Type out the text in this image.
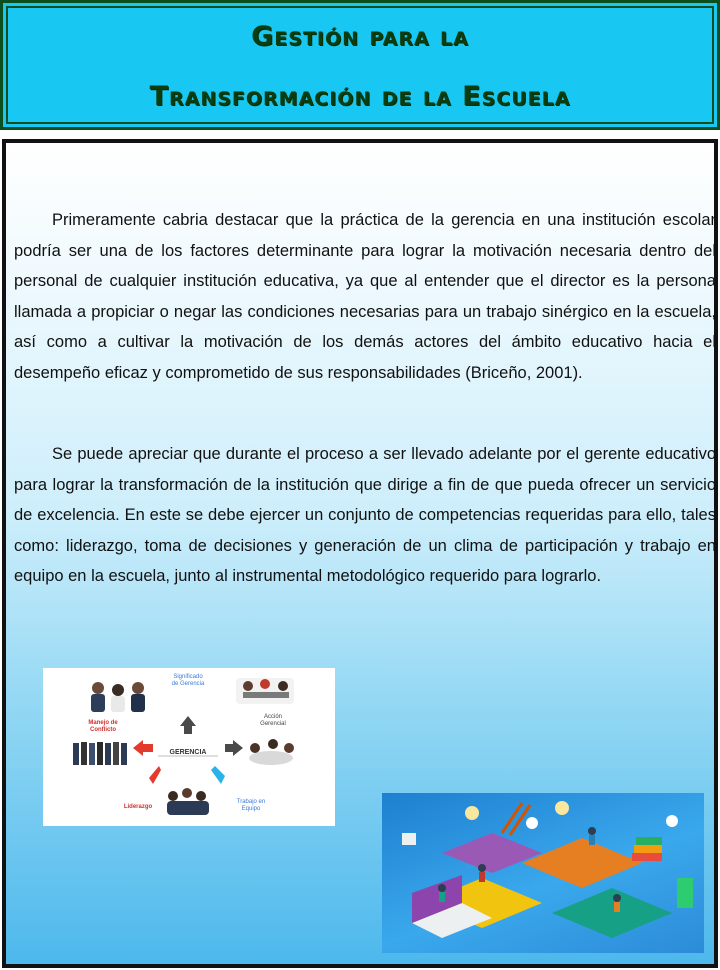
Gestión para la
Transformación de la Escuela

Primeramente cabria destacar que la práctica de la gerencia en una institución escolar podría ser una de los factores determinante para lograr la motivación necesaria dentro del personal de cualquier institución educativa, ya que al entender que el director es la persona llamada a propiciar o negar las condiciones necesarias para un trabajo sinérgico en la escuela, así como a cultivar la motivación de los demás actores del ámbito educativo hacia el desempeño eficaz y comprometido de sus responsabilidades (Briceño, 2001).

Se puede apreciar que durante el proceso a ser llevado adelante por el gerente educativo para lograr la transformación de la institución que dirige a fin de que pueda ofrecer un servicio de excelencia. En este se debe ejercer un conjunto de competencias requeridas para ello, tales como: liderazgo, toma de decisiones y generación de un clima de participación y trabajo en equipo en la escuela, junto al instrumental metodológico requerido para lograrlo.

GERENCIA
Significado de Gerencia
Acción Gerencial
Manejo de Conflicto
Liderazgo
Trabajo en Equipo
